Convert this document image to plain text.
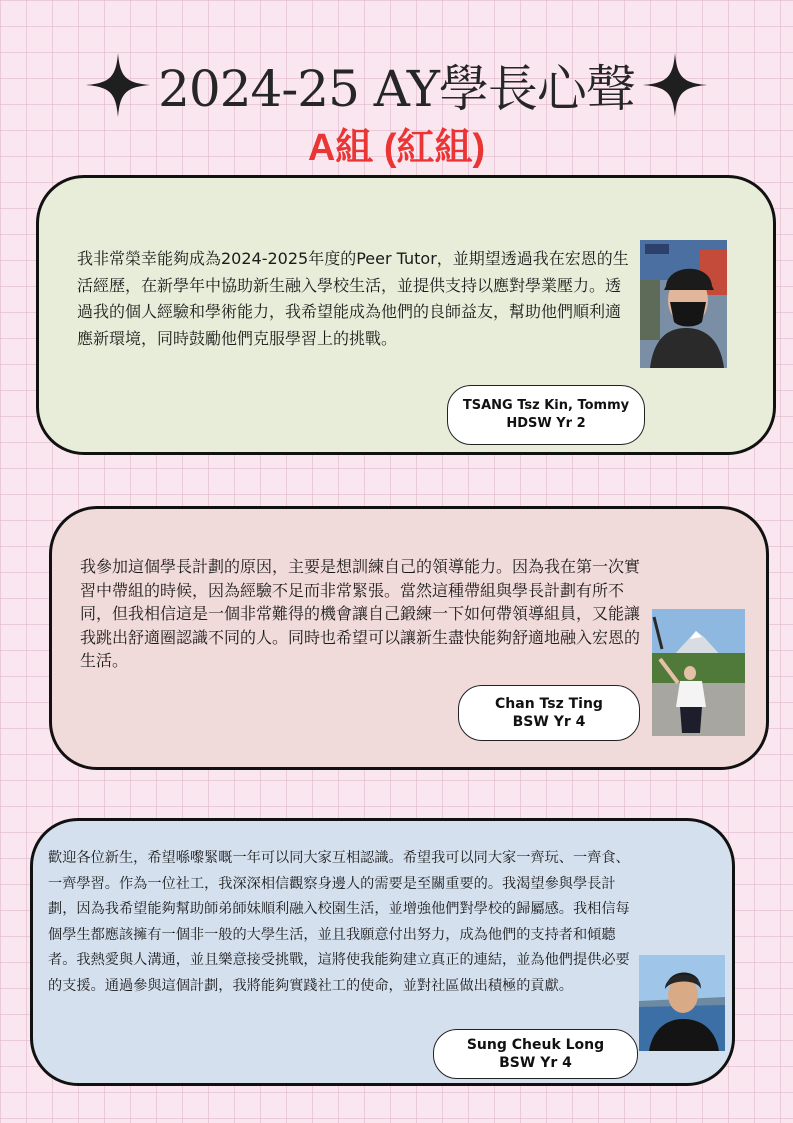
2024-25 AY學長心聲
A組 (紅組)

我非常榮幸能夠成為2024-2025年度的Peer Tutor，並期望透過我在宏恩的生活經歷，在新學年中協助新生融入學校生活，並提供支持以應對學業壓力。透過我的個人經驗和學術能力，我希望能成為他們的良師益友，幫助他們順利適應新環境，同時鼓勵他們克服學習上的挑戰。

TSANG Tsz Kin, Tommy
HDSW Yr 2

我參加這個學長計劃的原因，主要是想訓練自己的領導能力。因為我在第一次實習中帶組的時候，因為經驗不足而非常緊張。當然這種帶組與學長計劃有所不同，但我相信這是一個非常難得的機會讓自己鍛練一下如何帶領導組員，又能讓我跳出舒適圈認識不同的人。同時也希望可以讓新生盡快能夠舒適地融入宏恩的生活。

Chan Tsz Ting
BSW Yr 4

歡迎各位新生，希望喺嚟緊嘅一年可以同大家互相認識。希望我可以同大家一齊玩、一齊食、一齊學習。作為一位社工，我深深相信觀察身邊人的需要是至關重要的。我渴望參與學長計劃，因為我希望能夠幫助師弟師妹順利融入校園生活，並增強他們對學校的歸屬感。我相信每個學生都應該擁有一個非一般的大學生活，並且我願意付出努力，成為他們的支持者和傾聽者。我熱愛與人溝通，並且樂意接受挑戰，這將使我能夠建立真正的連結，並為他們提供必要的支援。通過參與這個計劃，我將能夠實踐社工的使命，並對社區做出積極的貢獻。

Sung Cheuk Long
BSW Yr 4
